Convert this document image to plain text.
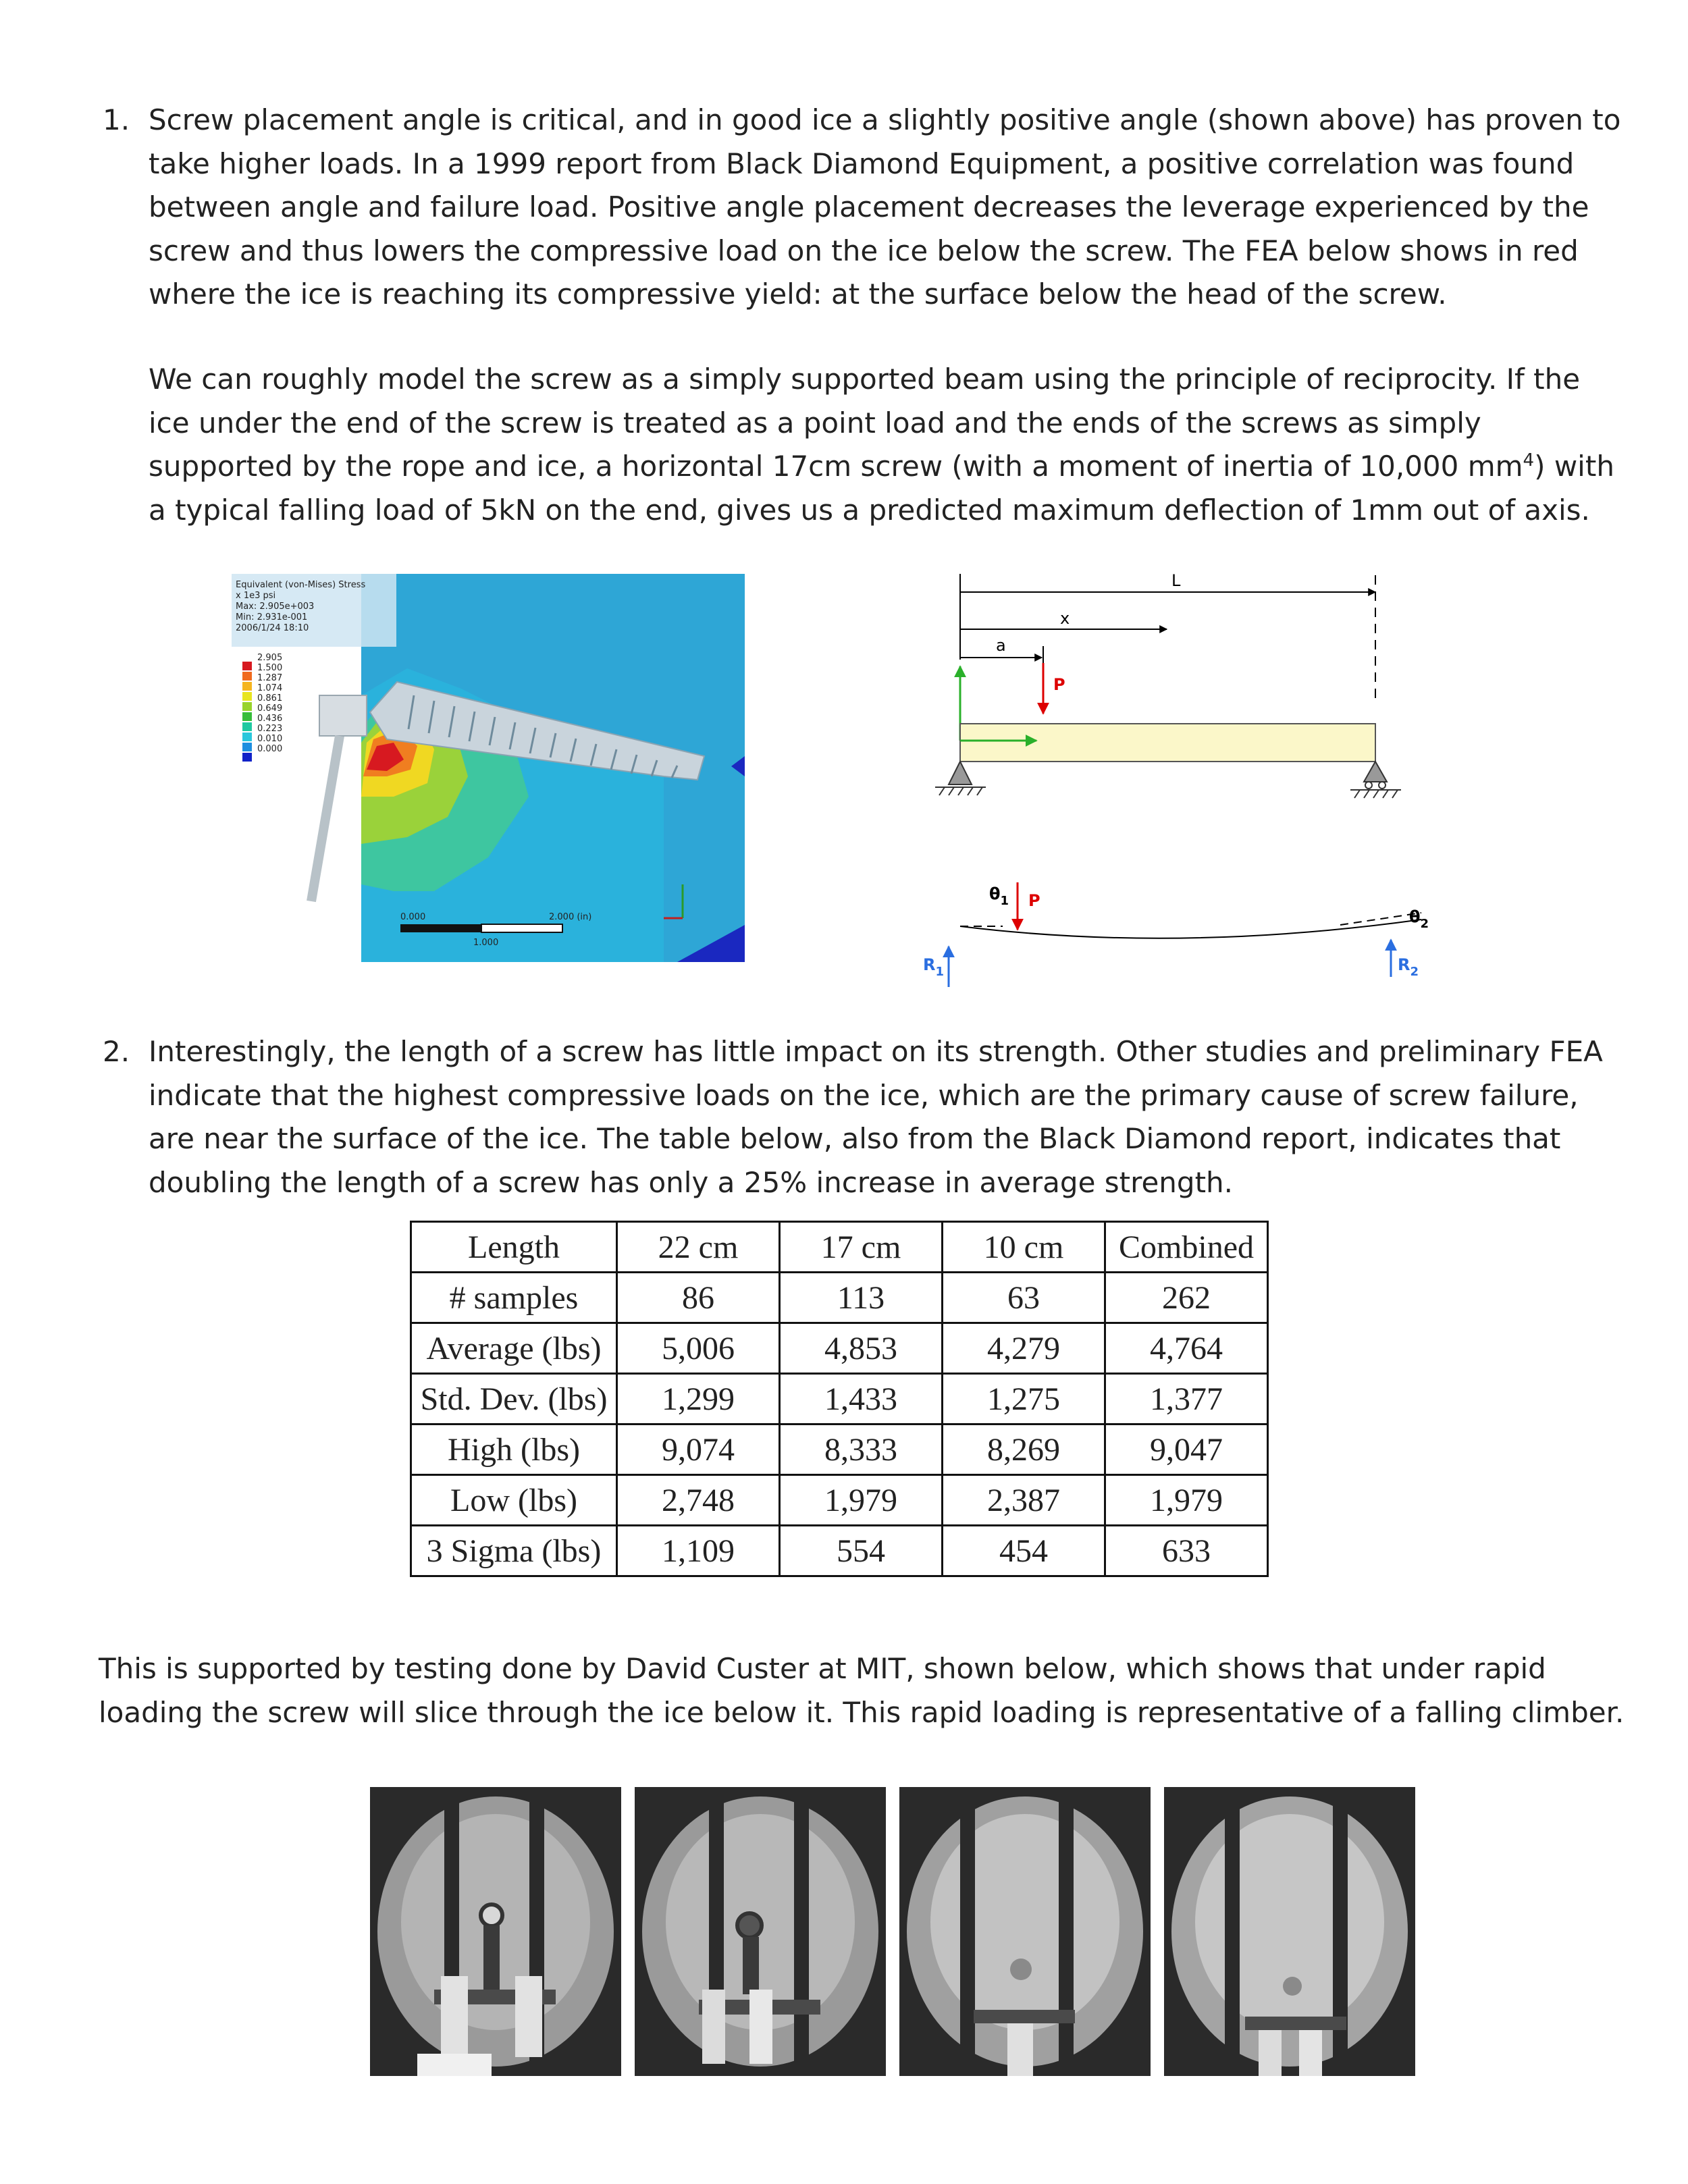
1. Screw placement angle is critical, and in good ice a slightly positive angle (shown above) has proven to take higher loads. In a 1999 report from Black Diamond Equipment, a positive correlation was found between angle and failure load. Positive angle placement decreases the leverage experienced by the screw and thus lowers the compressive load on the ice below the screw. The FEA below shows in red where the ice is reaching its compressive yield: at the surface below the head of the screw.

We can roughly model the screw as a simply supported beam using the principle of reciprocity. If the ice under the end of the screw is treated as a point load and the ends of the screws as simply supported by the rope and ice, a horizontal 17cm screw (with a moment of inertia of 10,000 $mm^4$) with a typical falling load of 5kN on the end, gives us a predicted maximum deflection of 1mm out of axis.

Equivalent (von-Mises) Stress
x 1e3 psi
Max: 2.905e+003
Min: 2.931e-001
2006/1/24 18:10
2.905
1.500
1.287
1.074
0.861
0.649
0.436
0.223
0.010
0.000
0.000	2.000 (in)
1.000
L
x
a
P
$\theta_1$ P
$\theta_2$
$R_1$	$R_2$
2. Interestingly, the length of a screw has little impact on its strength. Other studies and preliminary FEA indicate that the highest compressive loads on the ice, which are the primary cause of screw failure, are near the surface of the ice. The table below, also from the Black Diamond report, indicates that doubling the length of a screw has only a 25% increase in average strength.

Length	22 cm	17 cm	10 cm	Combined
# samples	86	113	63	262
Average (lbs)	5,006	4,853	4,279	4,764
Std. Dev. (lbs)	1,299	1,433	1,275	1,377
High (lbs)	9,074	8,333	8,269	9,047
Low (lbs)	2,748	1,979	2,387	1,979
3 Sigma (lbs)	1,109	554	454	633

This is supported by testing done by David Custer at MIT, shown below, which shows that under rapid loading the screw will slice through the ice below it. This rapid loading is representative of a falling climber.
